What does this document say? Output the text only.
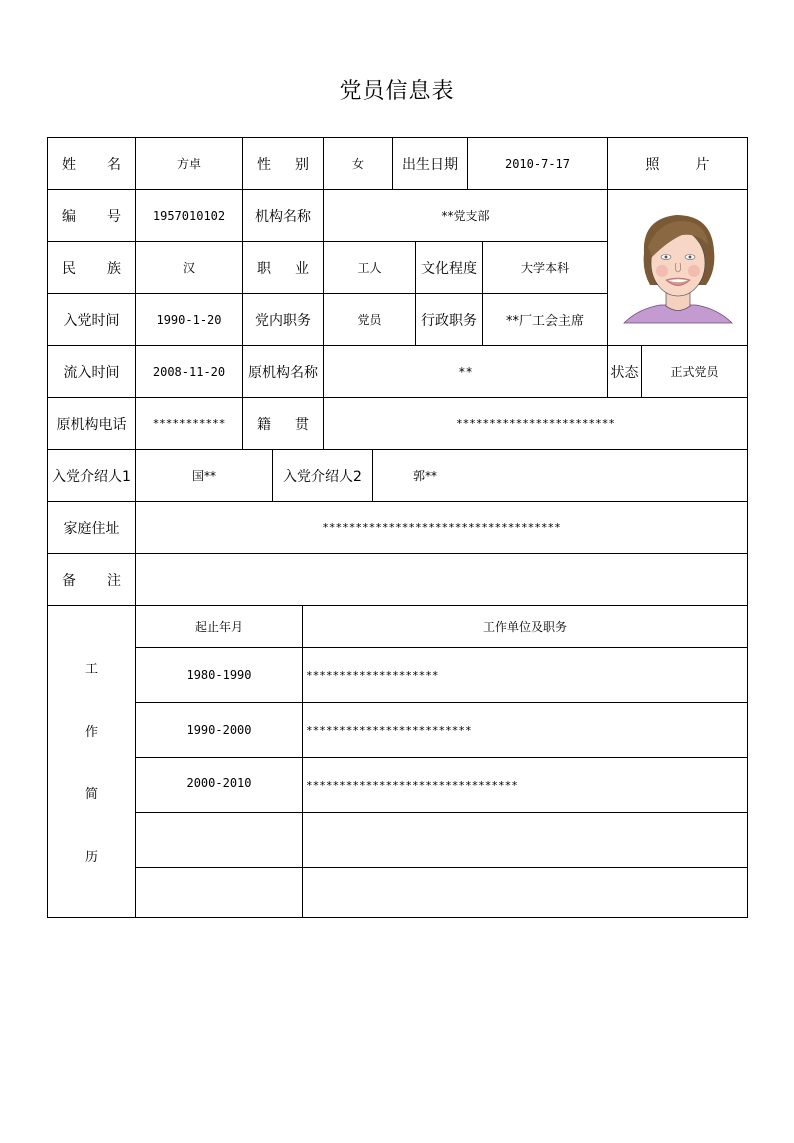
党员信息表
姓 名	方卓	性 别	女	出生日期	2010-7-17	照	片
编 号	1957010102	机构名称	**党支部
民 族	汉	职 业	工人	文化程度	大学本科
入党时间	1990-1-20	党内职务	党员	行政职务	**厂工会主席
流入时间	2008-11-20	原机构名称	**	状态	正式党员
原机构电话	***********	籍 贯	************************
入党介绍人1	国**	入党介绍人2	郭**
家庭住址	************************************
备 注
工
作
简
历
起止年月	工作单位及职务
1980-1990	********************
1990-2000	*************************
2000-2010	********************************
